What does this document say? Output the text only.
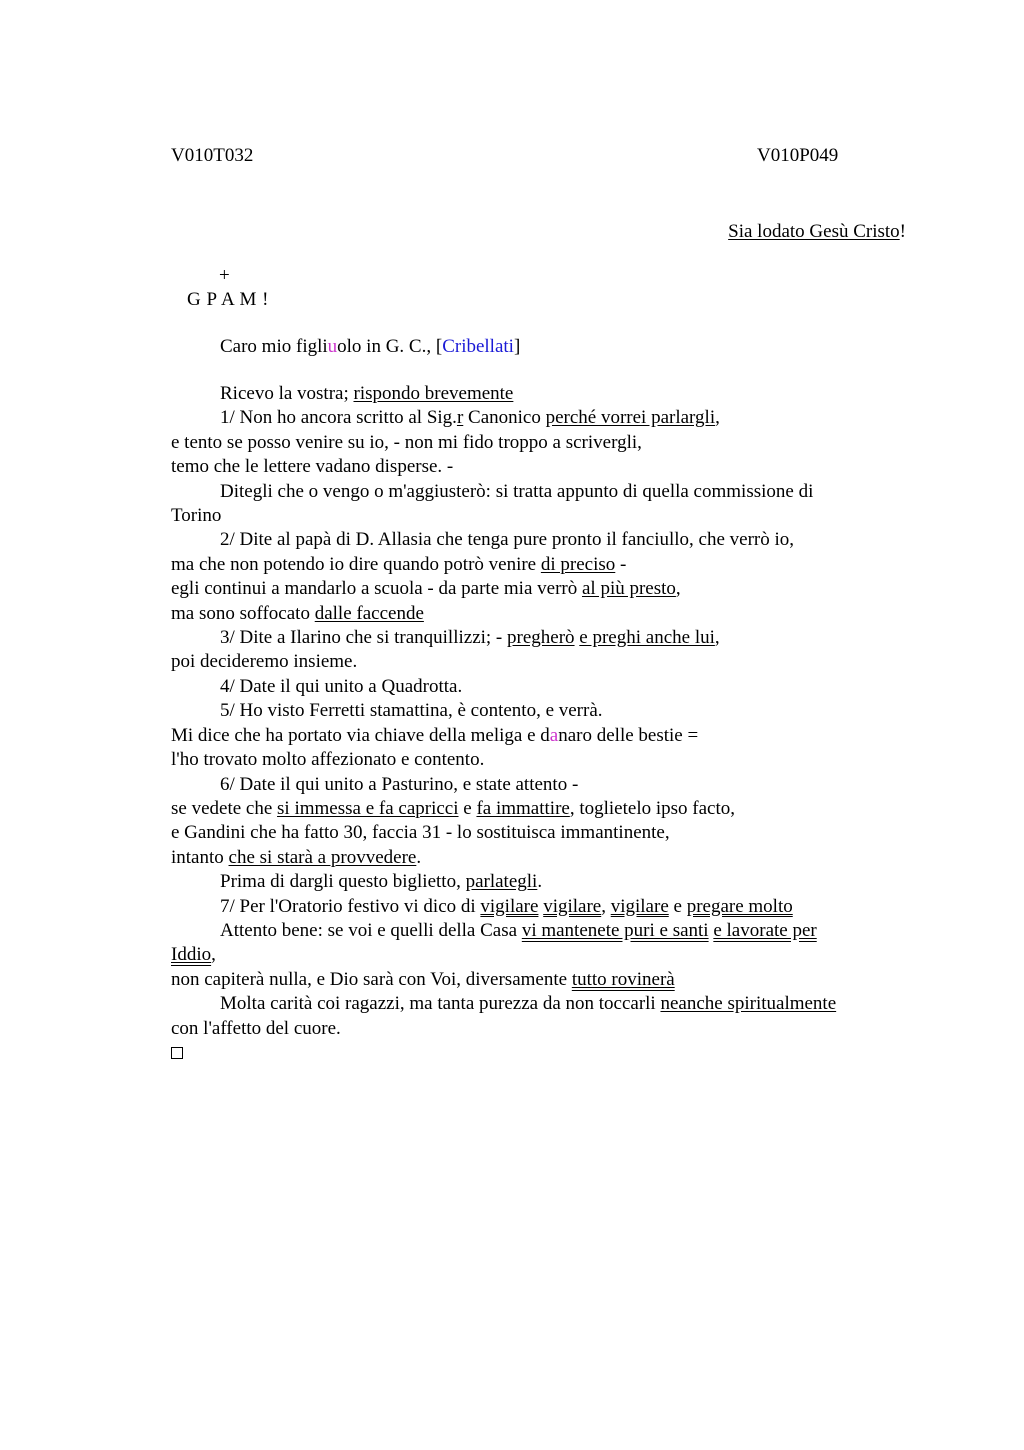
V010T032	V010P049
Sia lodato Gesù Cristo!
+
G P A M !
Caro mio figliuolo in G. C., [Cribellati]
Ricevo la vostra; rispondo brevemente
1/ Non ho ancora scritto al Sig.r Canonico perché vorrei parlargli,
e tento se posso venire su io, - non mi fido troppo a scrivergli,
temo che le lettere vadano disperse. -
Ditegli che o vengo o m'aggiusterò: si tratta appunto di quella commissione di
Torino
2/ Dite al papà di D. Allasia che tenga pure pronto il fanciullo, che verrò io,
ma che non potendo io dire quando potrò venire di preciso -
egli continui a mandarlo a scuola - da parte mia verrò al più presto,
ma sono soffocato dalle faccende
3/ Dite a Ilarino che si tranquillizzi; - pregherò e preghi anche lui,
poi decideremo insieme.
4/ Date il qui unito a Quadrotta.
5/ Ho visto Ferretti stamattina, è contento, e verrà.
Mi dice che ha portato via chiave della meliga e danaro delle bestie =
l'ho trovato molto affezionato e contento.
6/ Date il qui unito a Pasturino, e state attento -
se vedete che si immessa e fa capricci e fa immattire, toglietelo ipso facto,
e Gandini che ha fatto 30, faccia 31 - lo sostituisca immantinente,
intanto che si starà a provvedere.
Prima di dargli questo biglietto, parlategli.
7/ Per l'Oratorio festivo vi dico di vigilare vigilare, vigilare e pregare molto
Attento bene: se voi e quelli della Casa vi mantenete puri e santi e lavorate per
Iddio,
non capiterà nulla, e Dio sarà con Voi, diversamente tutto rovinerà
Molta carità coi ragazzi, ma tanta purezza da non toccarli neanche spiritualmente
con l'affetto del cuore.
